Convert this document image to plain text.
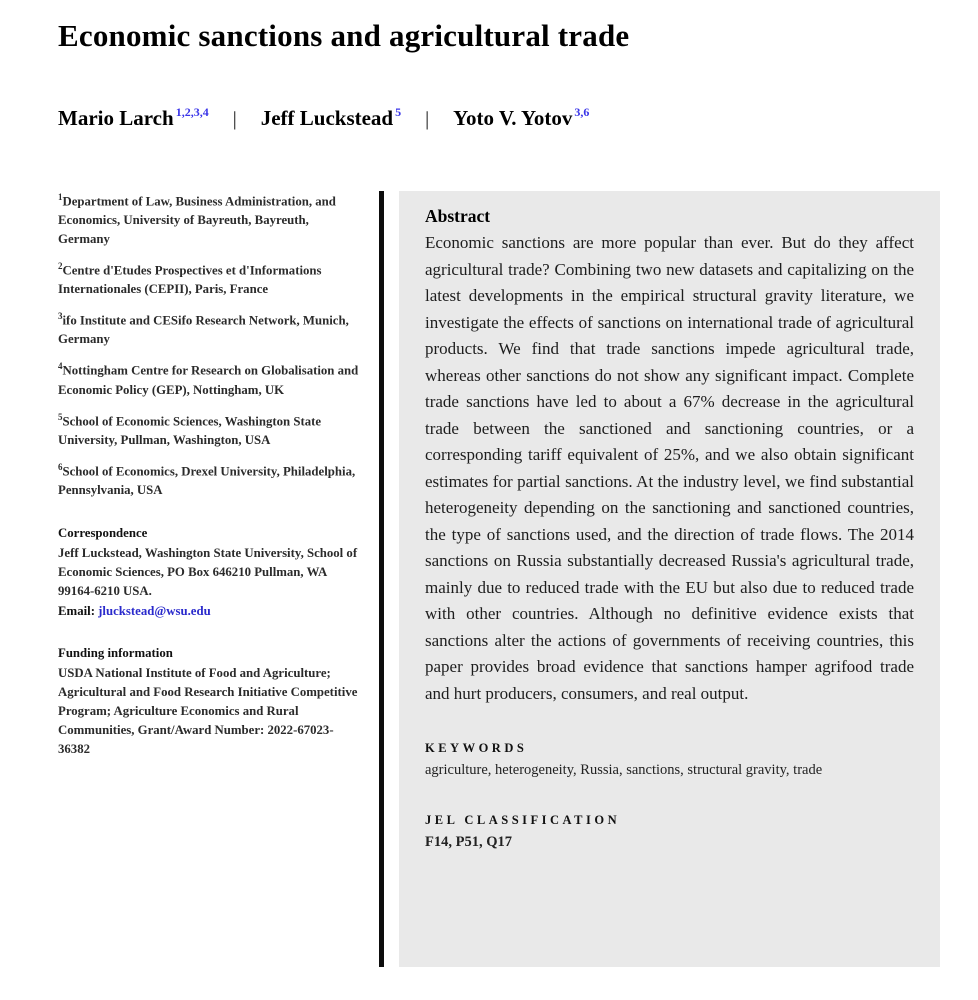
Economic sanctions and agricultural trade
Mario Larch $^{1,2,3,4}$ | Jeff Luckstead $^5$ | Yoto V. Yotov $^{3,6}$

$^1$Department of Law, Business Administration, and Economics, University of Bayreuth, Bayreuth, Germany

$^2$Centre d'Etudes Prospectives et d'Informations Internationales (CEPII), Paris, France

$^3$ifo Institute and CESifo Research Network, Munich, Germany

$^4$Nottingham Centre for Research on Globalisation and Economic Policy (GEP), Nottingham, UK

$^5$School of Economic Sciences, Washington State University, Pullman, Washington, USA

$^6$School of Economics, Drexel University, Philadelphia, Pennsylvania, USA

Correspondence

Jeff Luckstead, Washington State University, School of Economic Sciences, PO Box 646210 Pullman, WA 99164-6210 USA.

Email: jluckstead@wsu.edu

Funding information

USDA National Institute of Food and Agriculture; Agricultural and Food Research Initiative Competitive Program; Agriculture Economics and Rural Communities, Grant/Award Number: 2022-67023-36382

Abstract

Economic sanctions are more popular than ever. But do they affect agricultural trade? Combining two new datasets and capitalizing on the latest developments in the empirical structural gravity literature, we investigate the effects of sanctions on international trade of agricultural products. We find that trade sanctions impede agricultural trade, whereas other sanctions do not show any significant impact. Complete trade sanctions have led to about a 67% decrease in the agricultural trade between the sanctioned and sanctioning countries, or a corresponding tariff equivalent of 25%, and we also obtain significant estimates for partial sanctions. At the industry level, we find substantial heterogeneity depending on the sanctioning and sanctioned countries, the type of sanctions used, and the direction of trade flows. The 2014 sanctions on Russia substantially decreased Russia's agricultural trade, mainly due to reduced trade with the EU but also due to reduced trade with other countries. Although no definitive evidence exists that sanctions alter the actions of governments of receiving countries, this paper provides broad evidence that sanctions hamper agrifood trade and hurt producers, consumers, and real output.

KEYWORDS

agriculture, heterogeneity, Russia, sanctions, structural gravity, trade

JEL CLASSIFICATION

F14, P51, Q17
